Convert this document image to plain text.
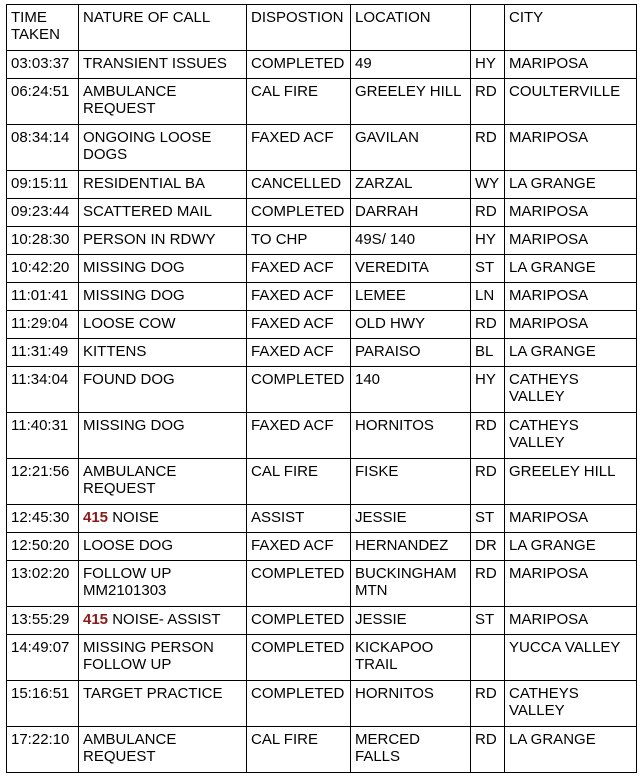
TIME TAKEN	NATURE OF CALL	DISPOSTION	LOCATION		CITY
03:03:37	TRANSIENT ISSUES	COMPLETED	49	HY	MARIPOSA
06:24:51	AMBULANCE REQUEST	CAL FIRE	GREELEY HILL	RD	COULTERVILLE
08:34:14	ONGOING LOOSE DOGS	FAXED ACF	GAVILAN	RD	MARIPOSA
09:15:11	RESIDENTIAL BA	CANCELLED	ZARZAL	WY	LA GRANGE
09:23:44	SCATTERED MAIL	COMPLETED	DARRAH	RD	MARIPOSA
10:28:30	PERSON IN RDWY	TO CHP	49S/ 140	HY	MARIPOSA
10:42:20	MISSING DOG	FAXED ACF	VEREDITA	ST	LA GRANGE
11:01:41	MISSING DOG	FAXED ACF	LEMEE	LN	MARIPOSA
11:29:04	LOOSE COW	FAXED ACF	OLD HWY	RD	MARIPOSA
11:31:49	KITTENS	FAXED ACF	PARAISO	BL	LA GRANGE
11:34:04	FOUND DOG	COMPLETED	140	HY	CATHEYS VALLEY
11:40:31	MISSING DOG	FAXED ACF	HORNITOS	RD	CATHEYS VALLEY
12:21:56	AMBULANCE REQUEST	CAL FIRE	FISKE	RD	GREELEY HILL
12:45:30	415 NOISE	ASSIST	JESSIE	ST	MARIPOSA
12:50:20	LOOSE DOG	FAXED ACF	HERNANDEZ	DR	LA GRANGE
13:02:20	FOLLOW UP MM2101303	COMPLETED	BUCKINGHAM MTN	RD	MARIPOSA
13:55:29	415 NOISE- ASSIST	COMPLETED	JESSIE	ST	MARIPOSA
14:49:07	MISSING PERSON FOLLOW UP	COMPLETED	KICKAPOO TRAIL		YUCCA VALLEY
15:16:51	TARGET PRACTICE	COMPLETED	HORNITOS	RD	CATHEYS VALLEY
17:22:10	AMBULANCE REQUEST	CAL FIRE	MERCED FALLS	RD	LA GRANGE
